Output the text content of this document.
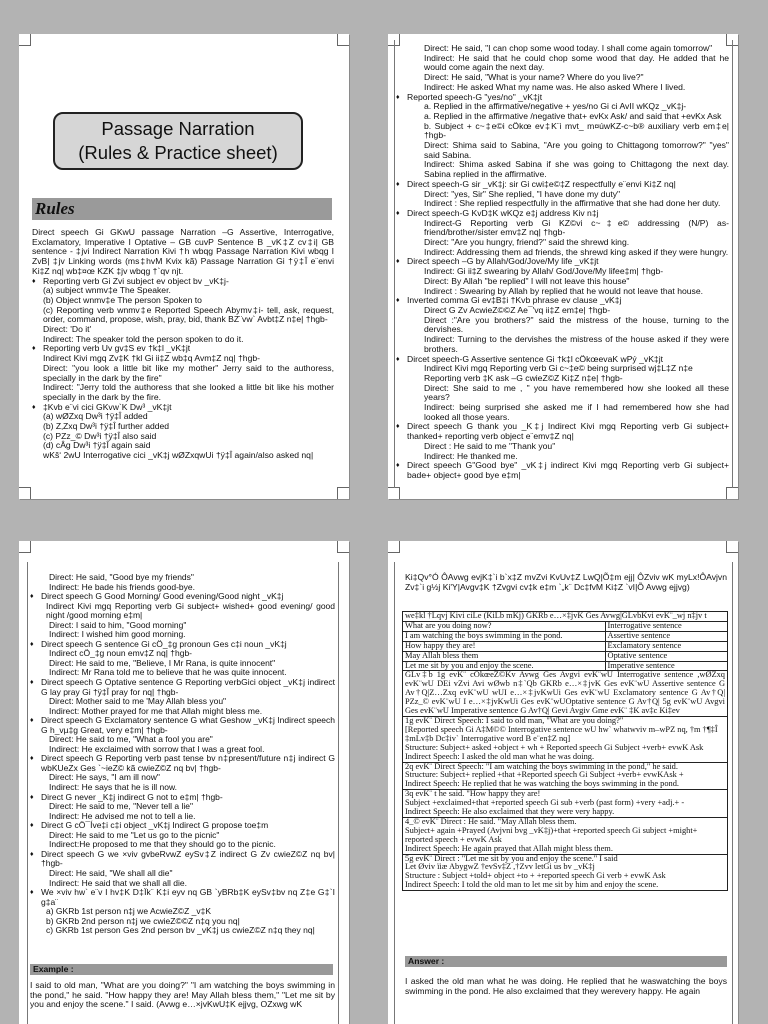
Passage Narration
(Rules & Practice sheet)
Rules

Direct speech Gi GKwU passage Narration –G Assertive, Interrogative, Exclamatory, Imperative I Optative – GB cuvP Sentence B _vK‡Z cv‡i| GB sentence - ‡jvi Indirect Narration Kivi †h wbqg Passage Narration Kivi wbqg I ZvB| ‡jv Linking words (ms‡hvM Kvix kã) Passage Narration Gi †ÿ‡Î e¨envi Ki‡Z nq| wb‡¤œ KZK ‡jv wbqg †`qv njt.

♦ Reporting verb Gi Zvi subject ev object bv _vK‡j-

(a) subject wnmv‡e The Speaker.

(b) Object wnmv‡e The person Spoken to

(c) Reporting verb wnmv‡e Reported Speech Abymv‡i- tell, ask, request, order, command, propose, wish, pray, bid, thank BZ¨vw` Avbt‡Z n‡e| †hgb-

Direct: 'Do it'

Indirect: The speaker told the person spoken to do it.

♦ Reporting verb Uv gv‡S ev †k‡l _vK‡jt

Indirect Kivi mgq Zv‡K †kl Gi ii‡Z wb‡q Avm‡Z nq| †hgb-

Direct: "you look a little bit like my mother" Jerry said to the authoress, specially in the dark by the fire"

Indirect: "Jerry told the authoress that she looked a little bit like his mother specially in the dark by the fire.

♦ ‡Kvb e¨vi cici GKvw`K Dw³ _vK‡jt

(a) wØZxq Dw³i †ÿ‡Î added

(b) Z‚Zxq Dw³i †ÿ‡Î further added

(c) PZz_© Dw³i †ÿ‡Î also said

(d) cÂg Dw³i †ÿ‡Î again said

wKš‘ 2wU Interrogative cici _vK‡j wØZxqwUi †ÿ‡Î again/also asked nq|

Direct: He said, "I can chop some wood today. I shall come again tomorrow"

Indirect: He said that he could chop some wood that day. He added that he would come again the next day.

Direct: He said, "What is your name? Where do you live?"

Indirect: He asked What my name was. He also asked Where I lived.

♦ Reported speech-G "yes/no" _vK‡jt

a. Replied in the affirmative/negative + yes/no Gi ci AvII wKQz _vK‡j-

a. Replied in the affirmative /negative that+ evKx Ask/ and said that +evKx Ask

b. Subject + c~‡e©i cÖkœ ev‡K¨i mvt_ m¤úwKZ-c~b® auxiliary verb em‡e| †hgb-

Direct: Shima said to Sabina, "Are you going to Chittagong tomorrow?" "yes" said Sabina.

Indirect: Shima asked Sabina if she was going to Chittagong the next day. Sabina replied in the affirmative.

♦ Direct speech-G sir _vK‡j: sir Gi cwi‡e©‡Z respectfully e¨envi Ki‡Z nq|

Direct: "yes, Sir" She replied, "I have done my duty"

Indirect : She replied respectfully in the affirmative that she had done her duty.

♦ Direct speech-G KvD‡K wKQz e‡j address Kiv n‡j

Indirect-G Reporting verb Gi KZ©vi c~‡e© addressing (N/P) as-friend/brother/sister emv‡Z nq| †hgb-

Direct: "Are you hungry, friend?" said the shrewd king.

Indirect: Addressing them ad friends, the shrewd king asked if they were hungry.

♦ Direct speech –G by Allah/God/Jove/My life _vK‡jt

Indirect: Gi ii‡Z swearing by Allah/ God/Jove/My lifee‡m| †hgb-

Direct: By Allah "be replied" I will not leave this house"

Indirect : Swearing by Allah by replied that he would not leave that house.

♦ Inverted comma Gi ev‡B‡i †Kvb phrase ev clause _vK‡j

Direct G Zv AcwieZ©©Z Ae¯'vq ii‡Z em‡e| †hgb-

Direct :"Are you brothers?" said the mistress of the house, turning to the dervishes.

Indirect: Turning to the dervishes the mistress of the house asked if they were brothers.

♦ Dircet speech-G Assertive sentence Gi †k‡l cÖkœevaK wPý _vK‡jt

Indirect Kivi mgq Reporting verb Gi c~‡e© being surprised wj‡L‡Z n‡e

Reporting verb ‡K ask –G cwieZ©Z Ki‡Z n‡e| †hgb-

Direct: She said to me , " you have remembered how she looked all these years?

Indirect: being surprised she asked me if I had remembered how she had looked all those years.

♦ Direct speech G thank you _K‡j Indirect Kivi mgq Reporting verb Gi subject+ thanked+ reporting verb object e¨emv‡Z nq|

Direct : He said to me "Thank you"

Indirect: He thanked me.

♦ Direct speech G"Good bye" _vK‡j indirect Kivi mgq Reporting verb Gi subject+ bade+ object+ good bye e‡m|

Direct: He said, "Good bye my friends"

Indirect: He bade his friends good-bye.

♦ Direct speech G Good Morning/ Good evening/Good night _vK‡j

Indirect Kivi mgq Reporting verb Gi subject+ wished+ good evening/ good night /good morning e‡m|

Direct: I said to him, "Good morning"

Indirect: I wished him good morning.

♦ Direct speech G sentence Gi cÖ_‡g pronoun Ges c‡i noun _vK‡j

Indirect cÖ_‡g noun emv‡Z nq| †hgb-

Direct: He said to me, "Believe, I Mr Rana, is quite innocent"

Indirect: Mr Rana told me to believe that he was quite innocent.

♦ Direct speech G Optative sentence G Reporting verbGici object _vK‡j indirect G lay pray Gi †ÿ‡Î pray for nq| †hgb-

Direct: Mother said to me 'May Allah bless you"

Indirect: Mother prayed for me that Allah might bless me.

♦ Direct speech G Exclamatory sentence G what Geshow _vK‡j Indirect speech G h_vµ‡g Great, very e‡m| †hgb-

Direct: He said to me, "What a fool you are"

Indirect: He exclaimed with sorrow that I was a great fool.

♦ Direct speech G Reporting verb past tense bv n‡present/future n‡j indirect G wbKUeZx Ges `~ieZ© kã cwieZ©Z nq bv| †hgb-

Direct: He says, "I am ill now"

Indirect: He says that he is ill now.

♦ Direct G never _K‡j indirect G not to e‡m| †hgb-

Direct: He said to me, "Never tell a lie"

Indirect: He advised me not to tell a lie.

♦ Direct G cÖ¯Íve‡i c‡i object _vK‡j Indirect G propose toe‡m

Direct: He said to me "Let us go to the picnic"

Indirect:He proposed to me that they should go to the picnic.

♦ Direct speech G we ×viv gvbeRvwZ eySv‡Z indirect G Zv cwieZ©Z nq bv| †hgb-

Direct: He said, "We shall all die"

Indirect: He said that we shall all die.

♦ We ×viv hw` e¨v I hv‡K D‡Ïk¨ K‡i eyv nq GB `yBRb‡K eySv‡bv nq Z‡e G‡`I g‡a¨

a) GKRb 1st person n‡j we AcwieZ©Z _v‡K

b) GKRb 2nd person n‡j we cwieZ©©Z n‡q you nq|

c) GKRb 1st person Ges 2nd person bv _vK‡j us cwieZ©Z n‡q they nq|

Example :
I said to old man, "What are you doing?" "I am watching the boys swimming in the pond," he said. "How happy they are! May Allah bless them," "Let me sit by you and enjoy the scene." I said. (Avwg e…×jvKwU‡K ejjvg, OZxwg wK
Ki‡Qv°Ó ÔAvwg evjK‡`i b`x‡Z mvZvi KvUv‡Z LwQ|Õ‡m ejj| ÔZviv wK myLx!ÔAvjvn Zv‡`i g½j Ki'Y|Avgv‡K †Zvgvi cv‡k e‡m `„k¨ Dc‡fvM Ki‡Z `vI|Õ Avwg ejjvg)
we‡kl †Lqvj Kivi ciLe (KiLb mKj) GKRb e…×‡jvK Ges Avwg|GLvbKvi evK¨_wj n‡jv t	
What are you doing now?	Interrogative sentence
I am watching the boys swimming in the pond.	Assertive sentence
How happy they are!	Exclamatory sentence
May Allah bless them	Optative sentence
Let me sit by you and enjoy the scene.	Imperative sentence
GLv‡b 1g evK¨ cÖkœeZ©Kv Avwg Ges Avgvi evK¨wU Interrogative sentence ,wØZxq evK¨wU DEi vZvi Avi wØwb n‡`Qb GKRb e…×‡jvK Ges evK¨wU Assertive sentence G Av†Q|Z…Zxq evK¨wU wUI e…×‡jvKwUi Ges evK¨wU Exclamatory sentence G Av†Q| PZz_© evK¨wU I e…×‡jvKwUi Ges evK¨wUOptative sentence G Av†Q| 5g evK¨wU Avgvi Ges evK¨wU Imperative sentence G Av†Q| Gevi Avgiv Gme evK¨ ‡K av‡c Ki‡ev	

1g evK¨ Direct Speech: I said to old man, "What are you doing?"
[Reported speech Gi A‡M©© Interrogative sentence wU hw` whatwviv m–wPZ nq, †m †¶‡Î ‡mLv‡b Dc‡iv` Interrogative word B e¨en‡Z nq]
Structure: Subject+ asked +object + wh + Reported speech Gi Subject +verb+ evwK Ask
Indirect Speech: I asked the old man what he was doing.	

2q evK¨ Direct Speech: "I am watching the boys swimming in the pond," he said.
Structure: Subject+ replied +that +Reported speech Gi Subject +verb+ evwKAsk +
Indirect Speech: He replied that he was watching the boys swimming in the pond.	

3q evK¨ t he said. "How happy they are!
Subject +exclaimed+that +reported speech Gi sub +verb (past form) +very +adj.+ -
Indirect Speech: He also exclaimed that they were very happy.	

4_© evK¨ Direct : He said. "May Allah bless them.
Subject+ again +Prayed (Avjvni bvg _vK‡j)+that +reported speech Gi subject +might+ reported speech + evwK Ask
Indirect Speech: He again prayed that Allah might bless them.	

5g evK¨ Direct : "Let me sit by you and enjoy the scene." I said
Let Øviv ïiæ AbygwZ †evSv‡Z ,†Zvv letGi us bv _vK‡j
Structure : Subject +told+ object +to + +reported speech Gi verb + evwK Ask
Indirect Speech: I told the old man to let me sit by him and enjoy the scene.	
Answer :
I asked the old man what he was doing. He replied that he waswatching the boys swimming in the pond. He also exclaimed that they werevery happy. He again
